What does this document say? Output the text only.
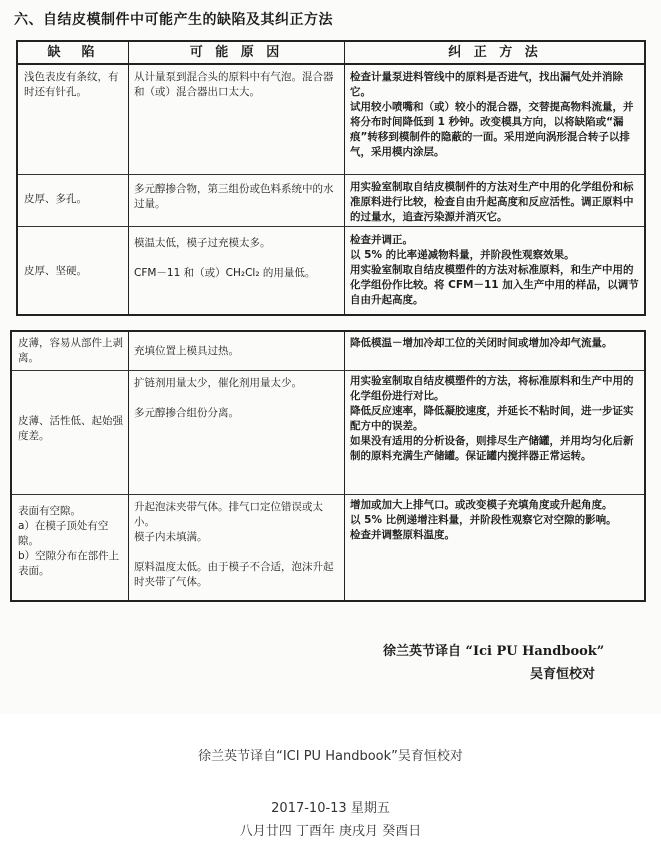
六、自结皮模制件中可能产生的缺陷及其纠正方法
缺　陷	可 能 原 因	纠 正 方 法
浅色表皮有条纹，有时还有针孔。
从计量泵到混合头的原料中有气泡。混合器和（或）混合器出口太大。
检查计量泵进料管线中的原料是否进气，找出漏气处并消除它。
试用较小喷嘴和（或）较小的混合器，交替提高物料流量，并将分布时间降低到 1 秒钟。改变模具方向，以将缺陷或“漏痕”转移到模制件的隐蔽的一面。采用逆向涡形混合转子以排气，采用模内涂层。
皮厚、多孔。
多元醇掺合物，第三组份或色料系统中的水过量。
用实验室制取自结皮模制件的方法对生产中用的化学组份和标准原料进行比较，检查自由升起高度和反应活性。调正原料中的过量水，追查污染源并消灭它。
皮厚、坚硬。
模温太低，模子过充模太多。

CFM－11 和（或）CH₂Cl₂ 的用量低。
检查并调正。
以 5% 的比率递减物料量，并阶段性观察效果。
用实验室制取自结皮模塑件的方法对标准原料，和生产中用的化学组份作比较。将 CFM－11 加入生产中用的样品，以调节自由升起高度。
皮薄，容易从部件上剥离。
充填位置上模具过热。
降低模温－增加冷却工位的关闭时间或增加冷却气流量。
皮薄、活性低、起始强度差。
扩链剂用量太少，催化剂用量太少。

多元醇掺合组份分离。
用实验室制取自结皮模塑件的方法，将标准原料和生产中用的化学组份进行对比。
降低反应速率，降低凝胶速度，并延长不粘时间，进一步证实配方中的误差。
如果没有适用的分析设备，则排尽生产储罐，并用均匀化后新制的原料充满生产储罐。保证罐内搅拌器正常运转。
表面有空隙。
a）在模子顶处有空隙。
b）空隙分布在部件上表面。
升起泡沫夹带气体。排气口定位错误或太小。
模子内未填满。

原料温度太低。由于模子不合适，泡沫升起时夹带了气体。
增加或加大上排气口。或改变模子充填角度或升起角度。
以 5% 比例递增注料量，并阶段性观察它对空隙的影响。
检查并调整原料温度。
徐兰英节译自 “Ici PU Handbook”
吴育恒校对
徐兰英节译自“ICI PU Handbook”吴育恒校对
2017-10-13 星期五
八月廿四 丁酉年 庚戌月 癸酉日
